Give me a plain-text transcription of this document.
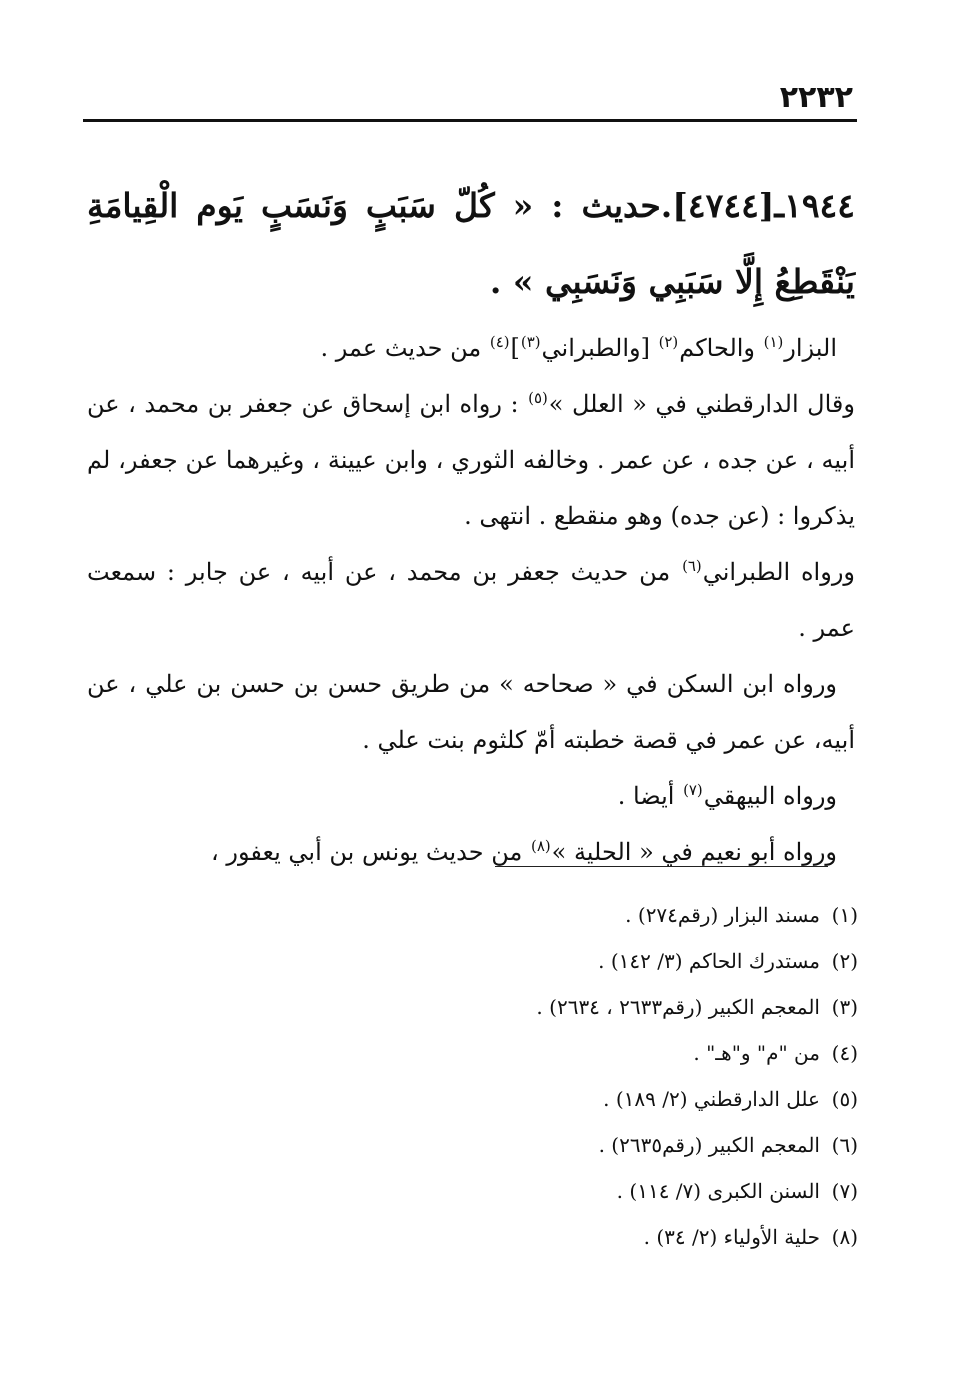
٢٢٣٢

١٩٤٤ـ[٤٧٤٤].حديث : « كُلّ سَبَبٍ وَنَسَبٍ يَوم الْقِيامَةِ يَنْقَطِعُ إِلَّا سَبَبِي وَنَسَبِي » .

البزار$^{(١)}$ والحاكم$^{(٢)}$ [والطبراني$^{(٣)}$]$^{(٤)}$ من حديث عمر .

وقال الدارقطني في « العلل »$^{(٥)}$ : رواه ابن إسحاق عن جعفر بن محمد ، عن أبيه ، عن جده ، عن عمر . وخالفه الثوري ، وابن عيينة ، وغيرهما عن جعفر، لم يذكروا : (عن جده) وهو منقطع . انتهى .

ورواه الطبراني$^{(٦)}$ من حديث جعفر بن محمد ، عن أبيه ، عن جابر : سمعت عمر .

ورواه ابن السكن في « صحاحه » من طريق حسن بن حسن بن علي ، عن أبيه، عن عمر في قصة خطبته أمّ كلثوم بنت علي .

ورواه البيهقي$^{(٧)}$ أيضا .

ورواه أبو نعيم في « الحلية »$^{(٨)}$ من حديث يونس بن أبي يعفور ،

(١)مسند البزار (رقم٢٧٤) .
(٢)مستدرك الحاكم (٣/ ١٤٢) .
(٣)المعجم الكبير (رقم٢٦٣٣ ، ٢٦٣٤) .
(٤)من "م" و"هـ" .
(٥)علل الدارقطني (٢/ ١٨٩) .
(٦)المعجم الكبير (رقم٢٦٣٥) .
(٧)السنن الكبرى (٧/ ١١٤) .
(٨)حلية الأولياء (٢/ ٣٤) .
